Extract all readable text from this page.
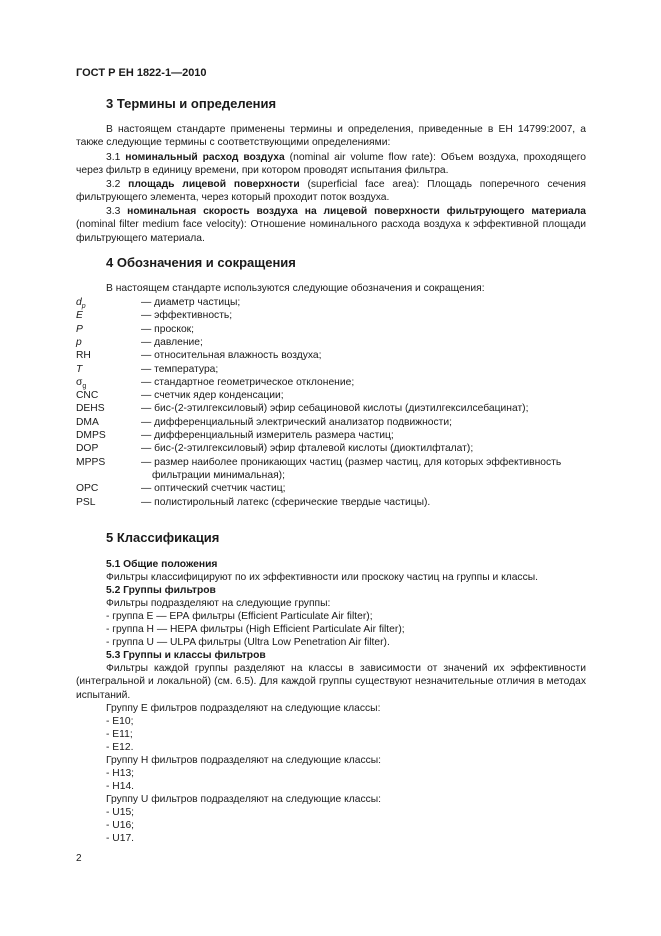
ГОСТ Р ЕН 1822-1—2010
3 Термины и определения

В настоящем стандарте применены термины и определения, приведенные в ЕН 14799:2007, а также следующие термины с соответствующими определениями:

3.1 номинальный расход воздуха (nominal air volume flow rate): Объем воздуха, проходящего через фильтр в единицу времени, при котором проводят испытания фильтра.

3.2 площадь лицевой поверхности (superficial face area): Площадь поперечного сечения фильтрующего элемента, через который проходит поток воздуха.

3.3 номинальная скорость воздуха на лицевой поверхности фильтрующего материала (nominal filter medium face velocity): Отношение номинального расхода воздуха к эффективной площади фильтрующего материала.

4 Обозначения и сокращения

В настоящем стандарте используются следующие обозначения и сокращения:

$d_p$	— диаметр частицы;
E	— эффективность;
P	— проскок;
p	— давление;
RH	— относительная влажность воздуха;
T	— температура;
$\sigma_g$	— стандартное геометрическое отклонение;
CNC	— счетчик ядер конденсации;
DEHS	— бис-(2-этилгексиловый) эфир себациновой кислоты (диэтилгексилсебацинат);
DMA	— дифференциальный электрический анализатор подвижности;
DMPS	— дифференциальный измеритель размера частиц;
DOP	— бис-(2-этилгексиловый) эфир фталевой кислоты (диоктилфталат);
MPPS	— размер наиболее проникающих частиц (размер частиц, для которых эффективность
фильтрации минимальная);
OPC	— оптический счетчик частиц;
PSL	— полистирольный латекс (сферические твердые частицы).
5 Классификация
5.1 Общие положения
Фильтры классифицируют по их эффективности или проскоку частиц на группы и классы.
5.2 Группы фильтров
Фильтры подразделяют на следующие группы:
- группа Е — ЕРА фильтры (Efficient Particulate Air filter);
- группа Н — НЕРА фильтры (High Efficient Particulate Air filter);
- группа U — ULPA фильтры (Ultra Low Penetration Air filter).
5.3 Группы и классы фильтров

Фильтры каждой группы разделяют на классы в зависимости от значений их эффективности (интегральной и локальной) (см. 6.5). Для каждой группы существуют незначительные отличия в методах испытаний.

Группу Е фильтров подразделяют на следующие классы:
- E10;
- E11;
- E12.
Группу Н фильтров подразделяют на следующие классы:
- H13;
- H14.
Группу U фильтров подразделяют на следующие классы:
- U15;
- U16;
- U17.
2
